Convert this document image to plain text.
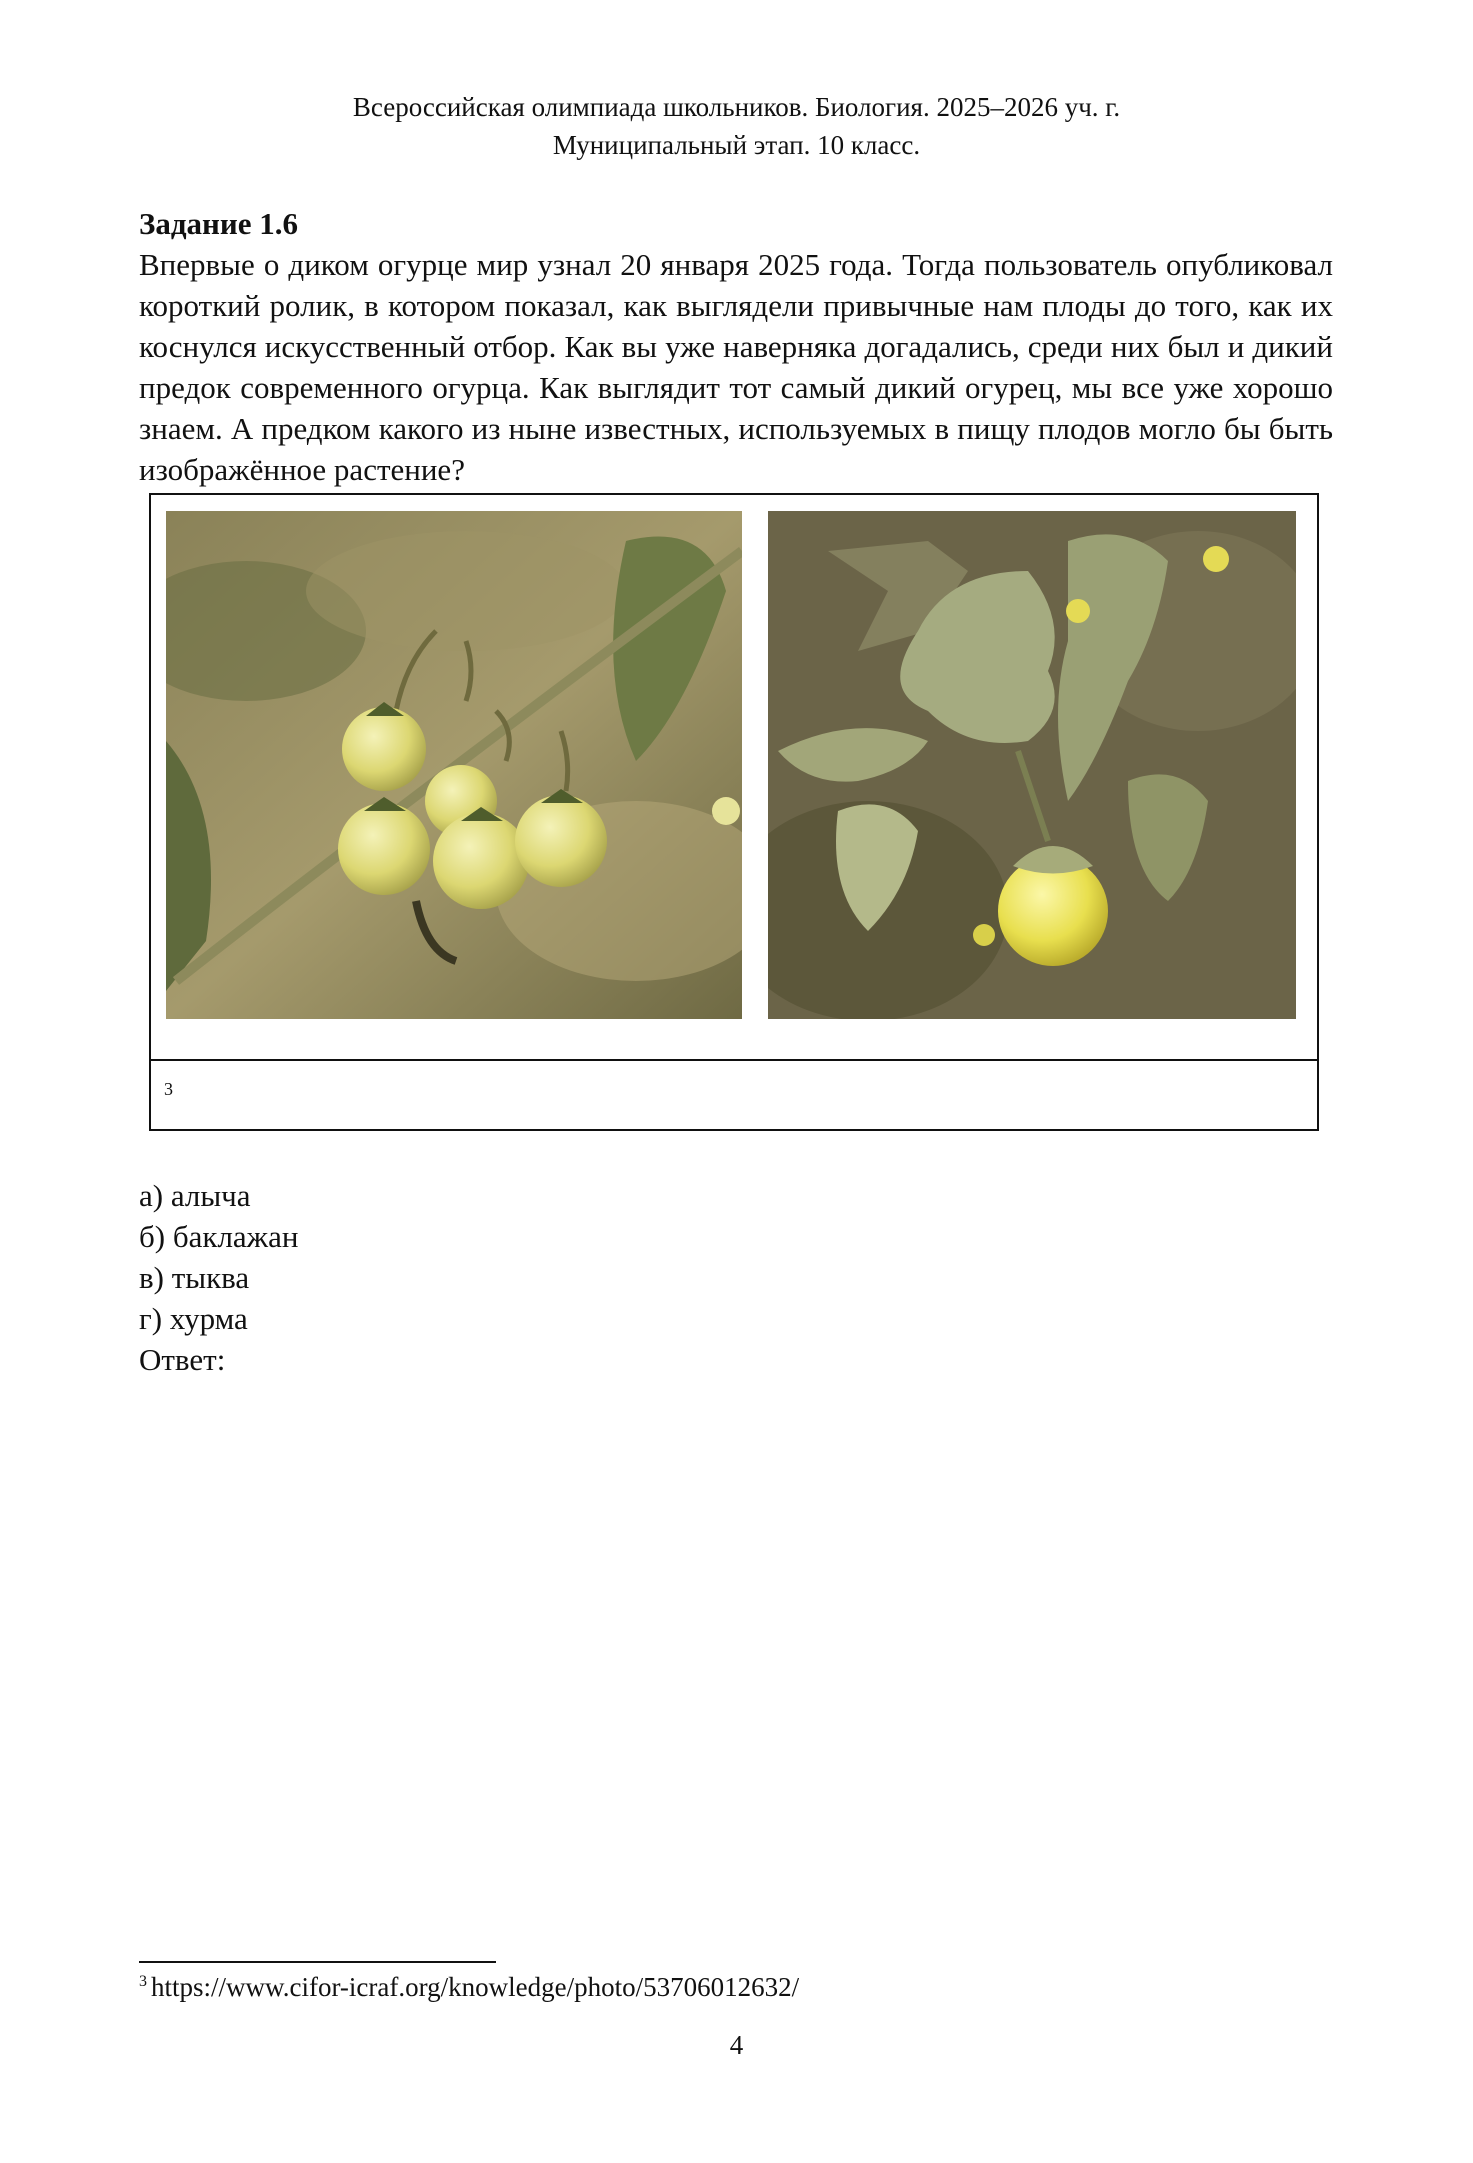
Всероссийская олимпиада школьников. Биология. 2025–2026 уч. г.
Муниципальный этап. 10 класс.
Задание 1.6
Впервые о диком огурце мир узнал 20 января 2025 года. Тогда пользователь опубликовал короткий ролик, в котором показал, как выглядели привычные нам плоды до того, как их коснулся искусственный отбор. Как вы уже наверняка догадались, среди них был и дикий предок современного огурца. Как выглядит тот самый дикий огурец, мы все уже хорошо знаем. А предком какого из ныне известных, используемых в пищу плодов могло бы быть изображённое растение?
3
а) алыча
б) баклажан
в) тыква
г) хурма
Ответ:
$^3$ https://www.cifor-icraf.org/knowledge/photo/53706012632/
4
